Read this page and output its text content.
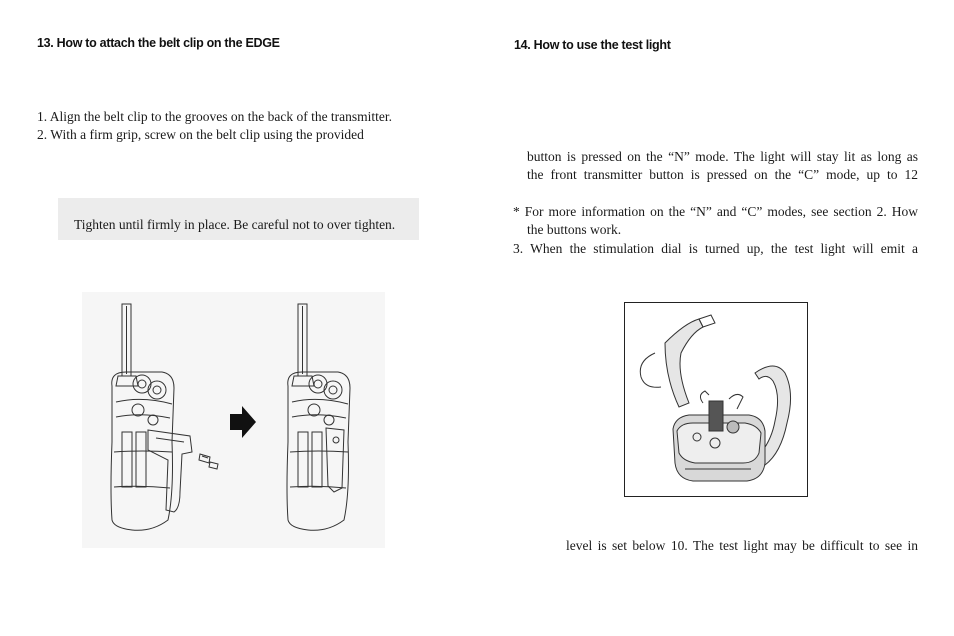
13. How to attach the belt clip on the EDGE
1. Align the belt clip to the grooves on the back of the transmitter.
2. With a firm grip, screw on the belt clip using the provided
Tighten until firmly in place. Be careful not to over tighten.
14. How to use the test light
button is pressed on the “N” mode. The light will stay lit as long as
the front transmitter button is pressed on the “C” mode, up to 12
* For more information on the “N” and “C” modes, see section 2. How
the buttons work.
3. When the stimulation dial is turned up, the test light will emit a
level is set below 10. The test light may be difficult to see in
